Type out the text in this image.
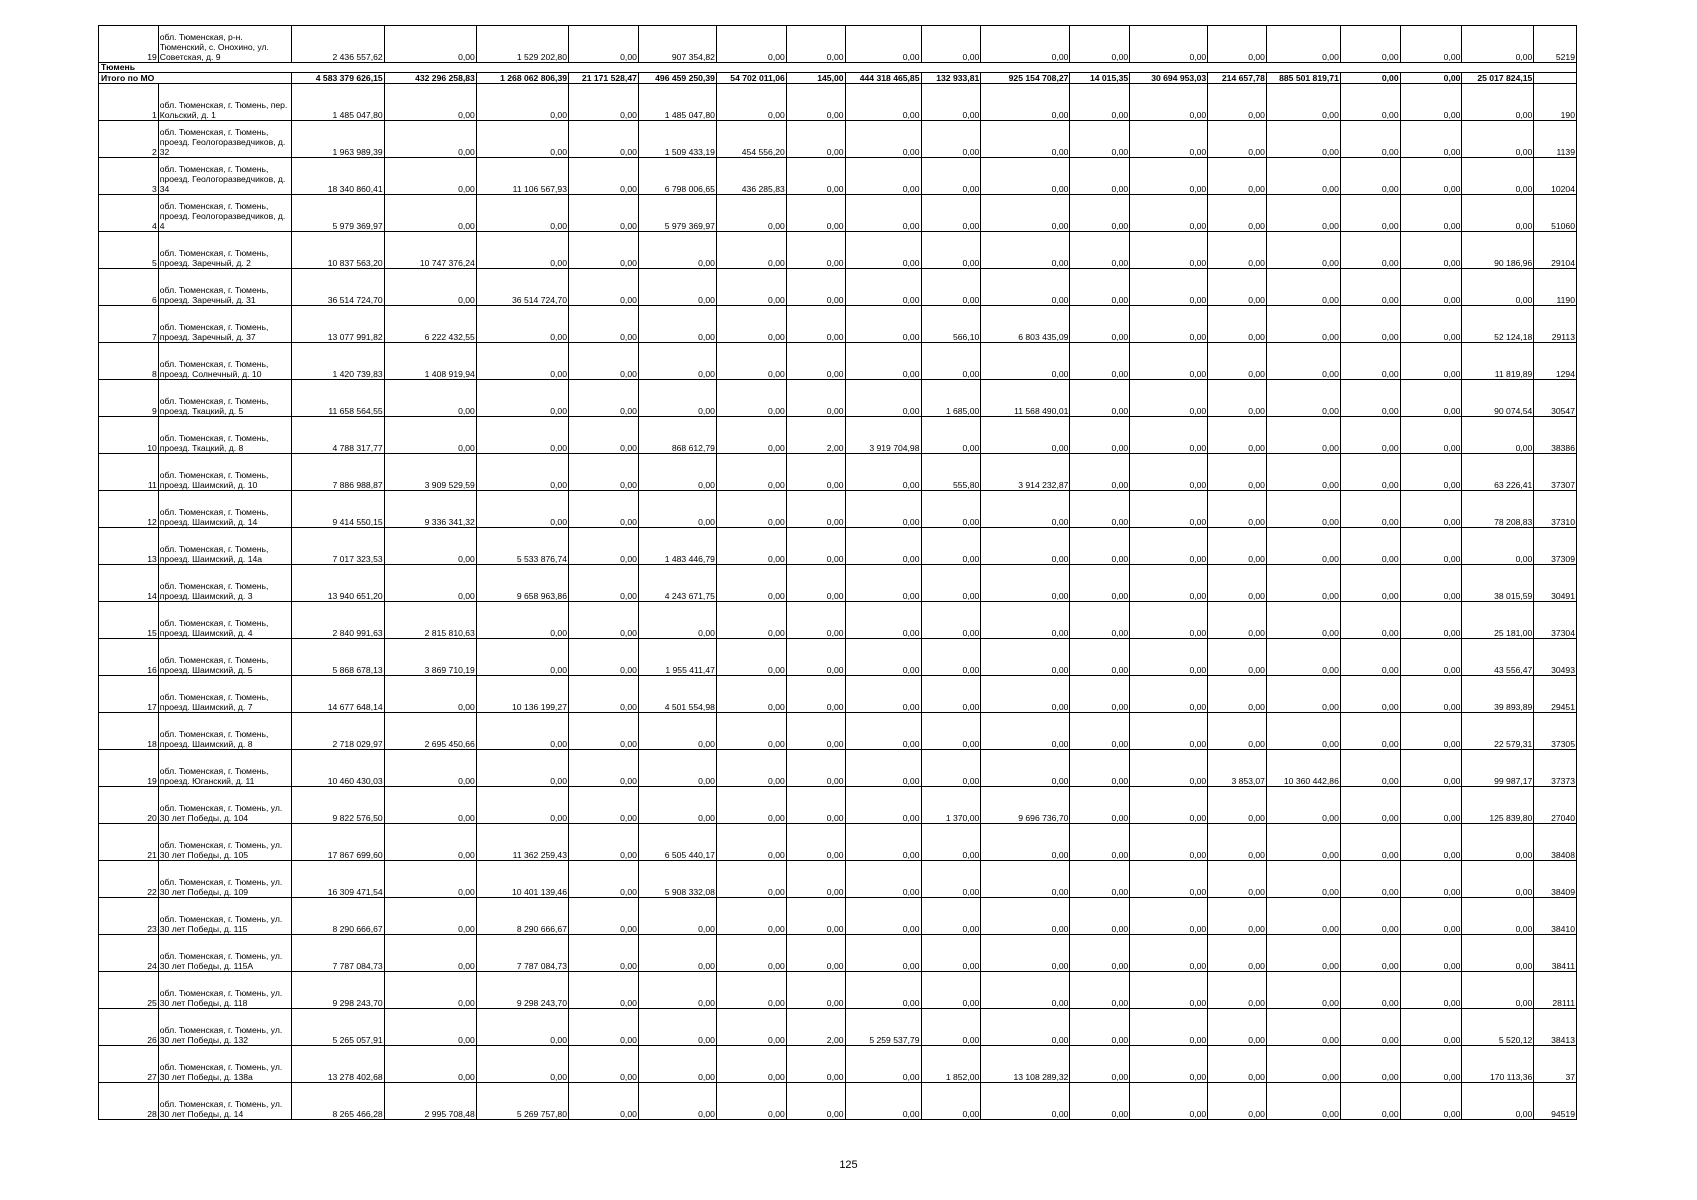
19	обл. Тюменская, р-н. Тюменский, с. Онохино, ул. Советская, д. 9	2 436 557,62	0,00	1 529 202,80	0,00	907 354,82	0,00	0,00	0,00	0,00	0,00	0,00	0,00	0,00	0,00	0,00	0,00	0,00	5219
Тюмень																			
Итого по МО		4 583 379 626,15	432 296 258,83	1 268 062 806,39	21 171 528,47	496 459 250,39	54 702 011,06	145,00	444 318 465,85	132 933,81	925 154 708,27	14 015,35	30 694 953,03	214 657,78	885 501 819,71	0,00	0,00	25 017 824,15	
1	обл. Тюменская, г. Тюмень, пер. Кольский, д. 1	1 485 047,80	0,00	0,00	0,00	1 485 047,80	0,00	0,00	0,00	0,00	0,00	0,00	0,00	0,00	0,00	0,00	0,00	0,00	190
2	обл. Тюменская, г. Тюмень, проезд. Геологоразведчиков, д. 32	1 963 989,39	0,00	0,00	0,00	1 509 433,19	454 556,20	0,00	0,00	0,00	0,00	0,00	0,00	0,00	0,00	0,00	0,00	0,00	1139
3	обл. Тюменская, г. Тюмень, проезд. Геологоразведчиков, д. 34	18 340 860,41	0,00	11 106 567,93	0,00	6 798 006,65	436 285,83	0,00	0,00	0,00	0,00	0,00	0,00	0,00	0,00	0,00	0,00	0,00	10204
4	обл. Тюменская, г. Тюмень, проезд. Геологоразведчиков, д. 4	5 979 369,97	0,00	0,00	0,00	5 979 369,97	0,00	0,00	0,00	0,00	0,00	0,00	0,00	0,00	0,00	0,00	0,00	0,00	51060
5	обл. Тюменская, г. Тюмень, проезд. Заречный, д. 2	10 837 563,20	10 747 376,24	0,00	0,00	0,00	0,00	0,00	0,00	0,00	0,00	0,00	0,00	0,00	0,00	0,00	0,00	90 186,96	29104
6	обл. Тюменская, г. Тюмень, проезд. Заречный, д. 31	36 514 724,70	0,00	36 514 724,70	0,00	0,00	0,00	0,00	0,00	0,00	0,00	0,00	0,00	0,00	0,00	0,00	0,00	0,00	1190
7	обл. Тюменская, г. Тюмень, проезд. Заречный, д. 37	13 077 991,82	6 222 432,55	0,00	0,00	0,00	0,00	0,00	0,00	566,10	6 803 435,09	0,00	0,00	0,00	0,00	0,00	0,00	52 124,18	29113
8	обл. Тюменская, г. Тюмень, проезд. Солнечный, д. 10	1 420 739,83	1 408 919,94	0,00	0,00	0,00	0,00	0,00	0,00	0,00	0,00	0,00	0,00	0,00	0,00	0,00	0,00	11 819,89	1294
9	обл. Тюменская, г. Тюмень, проезд. Ткацкий, д. 5	11 658 564,55	0,00	0,00	0,00	0,00	0,00	0,00	0,00	1 685,00	11 568 490,01	0,00	0,00	0,00	0,00	0,00	0,00	90 074,54	30547
10	обл. Тюменская, г. Тюмень, проезд. Ткацкий, д. 8	4 788 317,77	0,00	0,00	0,00	868 612,79	0,00	2,00	3 919 704,98	0,00	0,00	0,00	0,00	0,00	0,00	0,00	0,00	0,00	38386
11	обл. Тюменская, г. Тюмень, проезд. Шаимский, д. 10	7 886 988,87	3 909 529,59	0,00	0,00	0,00	0,00	0,00	0,00	555,80	3 914 232,87	0,00	0,00	0,00	0,00	0,00	0,00	63 226,41	37307
12	обл. Тюменская, г. Тюмень, проезд. Шаимский, д. 14	9 414 550,15	9 336 341,32	0,00	0,00	0,00	0,00	0,00	0,00	0,00	0,00	0,00	0,00	0,00	0,00	0,00	0,00	78 208,83	37310
13	обл. Тюменская, г. Тюмень, проезд. Шаимский, д. 14а	7 017 323,53	0,00	5 533 876,74	0,00	1 483 446,79	0,00	0,00	0,00	0,00	0,00	0,00	0,00	0,00	0,00	0,00	0,00	0,00	37309
14	обл. Тюменская, г. Тюмень, проезд. Шаимский, д. 3	13 940 651,20	0,00	9 658 963,86	0,00	4 243 671,75	0,00	0,00	0,00	0,00	0,00	0,00	0,00	0,00	0,00	0,00	0,00	38 015,59	30491
15	обл. Тюменская, г. Тюмень, проезд. Шаимский, д. 4	2 840 991,63	2 815 810,63	0,00	0,00	0,00	0,00	0,00	0,00	0,00	0,00	0,00	0,00	0,00	0,00	0,00	0,00	25 181,00	37304
16	обл. Тюменская, г. Тюмень, проезд. Шаимский, д. 5	5 868 678,13	3 869 710,19	0,00	0,00	1 955 411,47	0,00	0,00	0,00	0,00	0,00	0,00	0,00	0,00	0,00	0,00	0,00	43 556,47	30493
17	обл. Тюменская, г. Тюмень, проезд. Шаимский, д. 7	14 677 648,14	0,00	10 136 199,27	0,00	4 501 554,98	0,00	0,00	0,00	0,00	0,00	0,00	0,00	0,00	0,00	0,00	0,00	39 893,89	29451
18	обл. Тюменская, г. Тюмень, проезд. Шаимский, д. 8	2 718 029,97	2 695 450,66	0,00	0,00	0,00	0,00	0,00	0,00	0,00	0,00	0,00	0,00	0,00	0,00	0,00	0,00	22 579,31	37305
19	обл. Тюменская, г. Тюмень, проезд. Юганский, д. 11	10 460 430,03	0,00	0,00	0,00	0,00	0,00	0,00	0,00	0,00	0,00	0,00	0,00	3 853,07	10 360 442,86	0,00	0,00	99 987,17	37373
20	обл. Тюменская, г. Тюмень, ул. 30 лет Победы, д. 104	9 822 576,50	0,00	0,00	0,00	0,00	0,00	0,00	0,00	1 370,00	9 696 736,70	0,00	0,00	0,00	0,00	0,00	0,00	125 839,80	27040
21	обл. Тюменская, г. Тюмень, ул. 30 лет Победы, д. 105	17 867 699,60	0,00	11 362 259,43	0,00	6 505 440,17	0,00	0,00	0,00	0,00	0,00	0,00	0,00	0,00	0,00	0,00	0,00	0,00	38408
22	обл. Тюменская, г. Тюмень, ул. 30 лет Победы, д. 109	16 309 471,54	0,00	10 401 139,46	0,00	5 908 332,08	0,00	0,00	0,00	0,00	0,00	0,00	0,00	0,00	0,00	0,00	0,00	0,00	38409
23	обл. Тюменская, г. Тюмень, ул. 30 лет Победы, д. 115	8 290 666,67	0,00	8 290 666,67	0,00	0,00	0,00	0,00	0,00	0,00	0,00	0,00	0,00	0,00	0,00	0,00	0,00	0,00	38410
24	обл. Тюменская, г. Тюмень, ул. 30 лет Победы, д. 115А	7 787 084,73	0,00	7 787 084,73	0,00	0,00	0,00	0,00	0,00	0,00	0,00	0,00	0,00	0,00	0,00	0,00	0,00	0,00	38411
25	обл. Тюменская, г. Тюмень, ул. 30 лет Победы, д. 118	9 298 243,70	0,00	9 298 243,70	0,00	0,00	0,00	0,00	0,00	0,00	0,00	0,00	0,00	0,00	0,00	0,00	0,00	0,00	28111
26	обл. Тюменская, г. Тюмень, ул. 30 лет Победы, д. 132	5 265 057,91	0,00	0,00	0,00	0,00	0,00	2,00	5 259 537,79	0,00	0,00	0,00	0,00	0,00	0,00	0,00	0,00	5 520,12	38413
27	обл. Тюменская, г. Тюмень, ул. 30 лет Победы, д. 138а	13 278 402,68	0,00	0,00	0,00	0,00	0,00	0,00	0,00	1 852,00	13 108 289,32	0,00	0,00	0,00	0,00	0,00	0,00	170 113,36	37
28	обл. Тюменская, г. Тюмень, ул. 30 лет Победы, д. 14	8 265 466,28	2 995 708,48	5 269 757,80	0,00	0,00	0,00	0,00	0,00	0,00	0,00	0,00	0,00	0,00	0,00	0,00	0,00	0,00	94519
125
